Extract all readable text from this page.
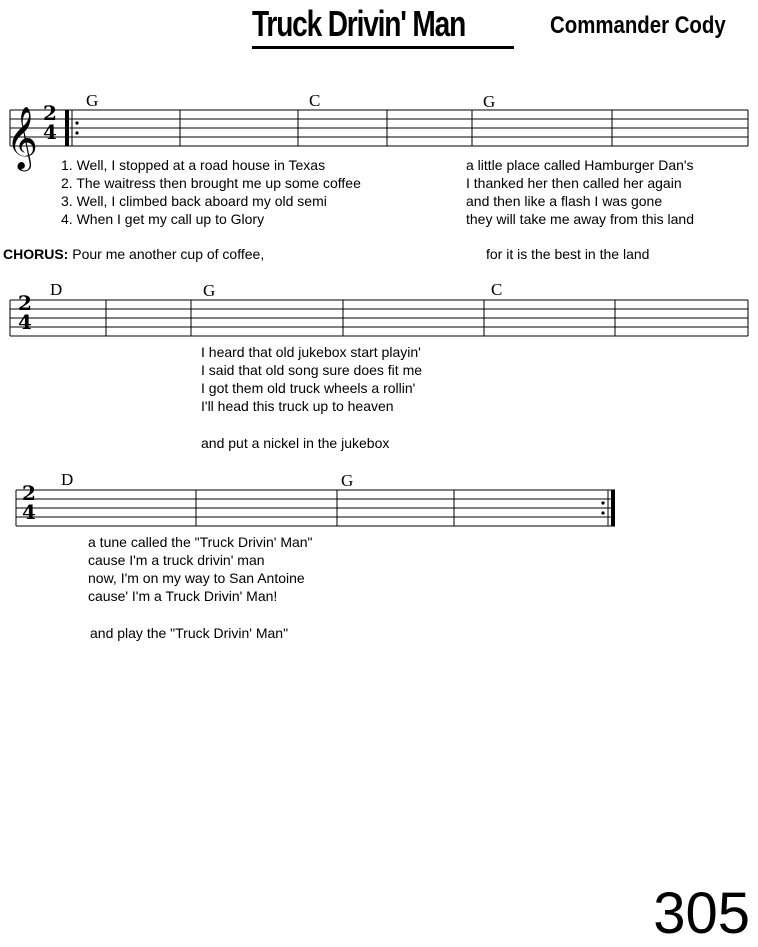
Truck Drivin' Man	Commander Cody
𝄞 2
4
2
4
2
4
G	C	G
1. Well, I stopped at a road house in Texas
2. The waitress then brought me up some coffee
3. Well, I climbed back aboard my old semi
4. When I get my call up to Glory
a little place called Hamburger Dan's
I thanked her then called her again
and then like a flash I was gone
they will take me away from this land
CHORUS: Pour me another cup of coffee,	for it is the best in the land
D	G	C
I heard that old jukebox start playin'
I said that old song sure does fit me
I got them old truck wheels a rollin'
I'll head this truck up to heaven
and put a nickel in the jukebox
D	G
a tune called the "Truck Drivin' Man"
cause I'm a truck drivin' man
now, I'm on my way to San Antoine
cause' I'm a Truck Drivin' Man!
and play the "Truck Drivin' Man"
305
